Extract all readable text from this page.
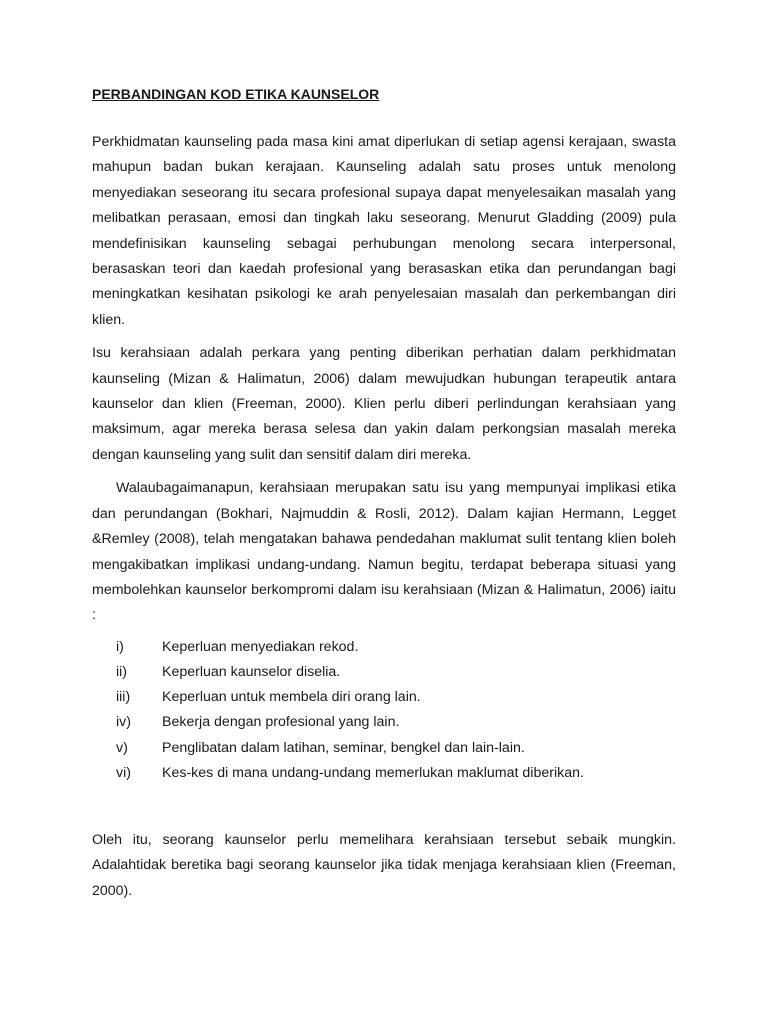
PERBANDINGAN KOD ETIKA KAUNSELOR

Perkhidmatan kaunseling pada masa kini amat diperlukan di setiap agensi kerajaan, swasta mahupun badan bukan kerajaan. Kaunseling adalah satu proses untuk menolong menyediakan seseorang itu secara profesional supaya dapat menyelesaikan masalah yang melibatkan perasaan, emosi dan tingkah laku seseorang. Menurut Gladding (2009) pula mendefinisikan kaunseling sebagai perhubungan menolong secara interpersonal, berasaskan teori dan kaedah profesional yang berasaskan etika dan perundangan bagi meningkatkan kesihatan psikologi ke arah penyelesaian masalah dan perkembangan diri klien.

Isu kerahsiaan adalah perkara yang penting diberikan perhatian dalam perkhidmatan kaunseling (Mizan & Halimatun, 2006) dalam mewujudkan hubungan terapeutik antara kaunselor dan klien (Freeman, 2000). Klien perlu diberi perlindungan kerahsiaan yang maksimum, agar mereka berasa selesa dan yakin dalam perkongsian masalah mereka dengan kaunseling yang sulit dan sensitif dalam diri mereka.

Walaubagaimanapun, kerahsiaan merupakan satu isu yang mempunyai implikasi etika dan perundangan (Bokhari, Najmuddin & Rosli, 2012). Dalam kajian Hermann, Legget &Remley (2008), telah mengatakan bahawa pendedahan maklumat sulit tentang klien boleh mengakibatkan implikasi undang-undang. Namun begitu, terdapat beberapa situasi yang membolehkan kaunselor berkompromi dalam isu kerahsiaan (Mizan & Halimatun, 2006) iaitu :

i)	Keperluan menyediakan rekod.
ii)	Keperluan kaunselor diselia.
iii)	Keperluan untuk membela diri orang lain.
iv)	Bekerja dengan profesional yang lain.
v)	Penglibatan dalam latihan, seminar, bengkel dan lain-lain.
vi)	Kes-kes di mana undang-undang memerlukan maklumat diberikan.

Oleh itu, seorang kaunselor perlu memelihara kerahsiaan tersebut sebaik mungkin. Adalahtidak beretika bagi seorang kaunselor jika tidak menjaga kerahsiaan klien (Freeman, 2000).
